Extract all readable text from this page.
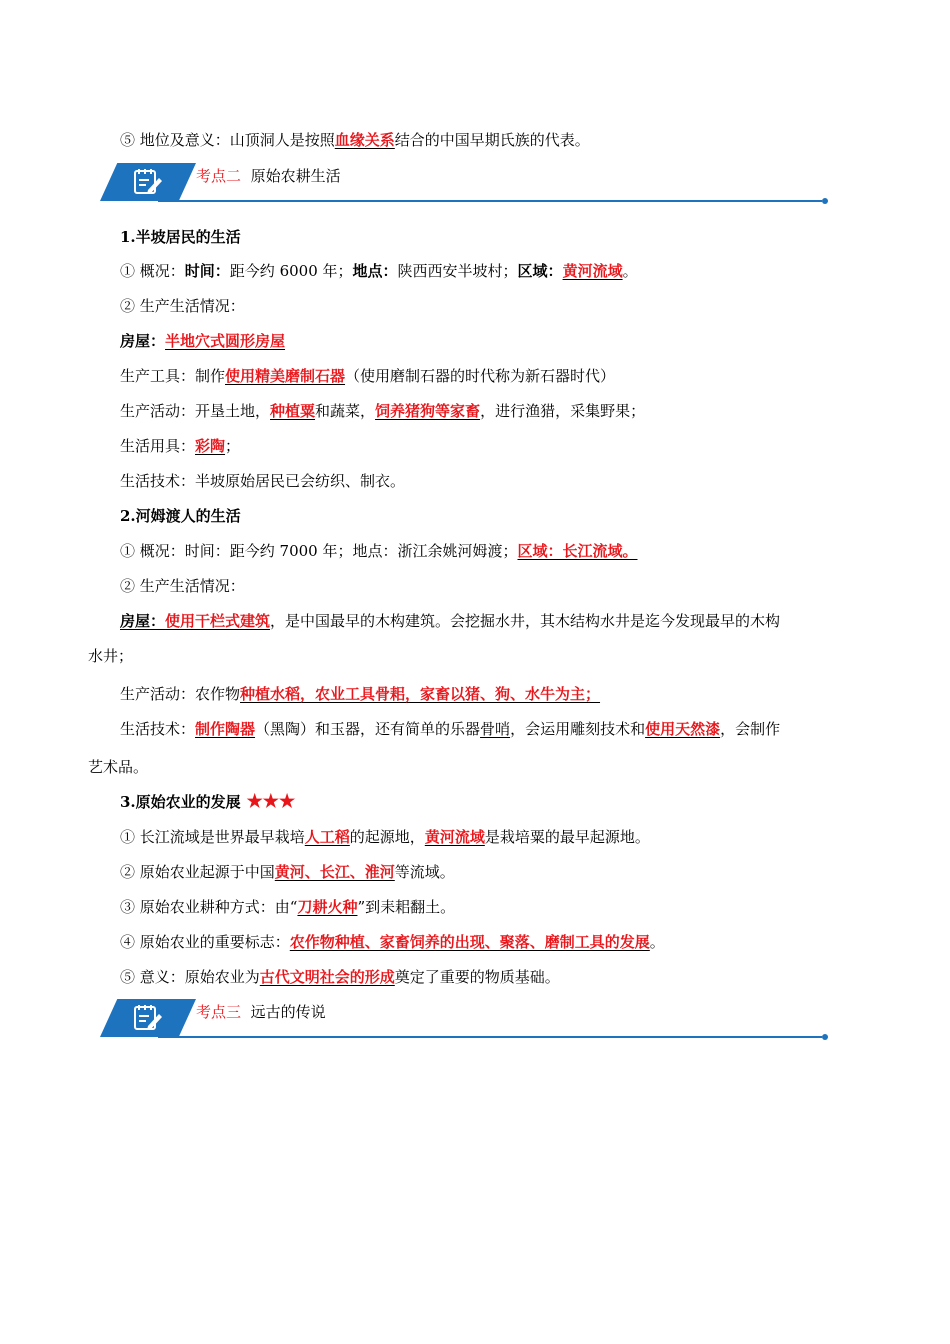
⑤ 地位及意义：山顶洞人是按照血缘关系结合的中国早期氏族的代表。
考点二 原始农耕生活
1.半坡居民的生活
① 概况：时间：距今约 6000 年；地点：陕西西安半坡村；区域：黄河流域。
② 生产生活情况：
房屋：半地穴式圆形房屋
生产工具：制作使用精美磨制石器（使用磨制石器的时代称为新石器时代）
生产活动：开垦土地，种植粟和蔬菜，饲养猪狗等家畜，进行渔猎，采集野果；
生活用具：彩陶；
生活技术：半坡原始居民已会纺织、制衣。
2.河姆渡人的生活
① 概况：时间：距今约 7000 年；地点：浙江余姚河姆渡；区域：长江流域。
② 生产生活情况：
房屋：使用干栏式建筑，是中国最早的木构建筑。会挖掘水井，其木结构水井是迄今发现最早的木构
水井；
生产活动：农作物种植水稻，农业工具骨耜，家畜以猪、狗、水牛为主；
生活技术：制作陶器（黑陶）和玉器，还有简单的乐器骨哨，会运用雕刻技术和使用天然漆，会制作
艺术品。
3.原始农业的发展 ★★★
① 长江流域是世界最早栽培人工稻的起源地，黄河流域是栽培粟的最早起源地。
② 原始农业起源于中国黄河、长江、淮河等流域。
③ 原始农业耕种方式：由“刀耕火种”到耒耜翻土。
④ 原始农业的重要标志：农作物种植、家畜饲养的出现、聚落、磨制工具的发展。
⑤ 意义：原始农业为古代文明社会的形成奠定了重要的物质基础。
考点三 远古的传说
